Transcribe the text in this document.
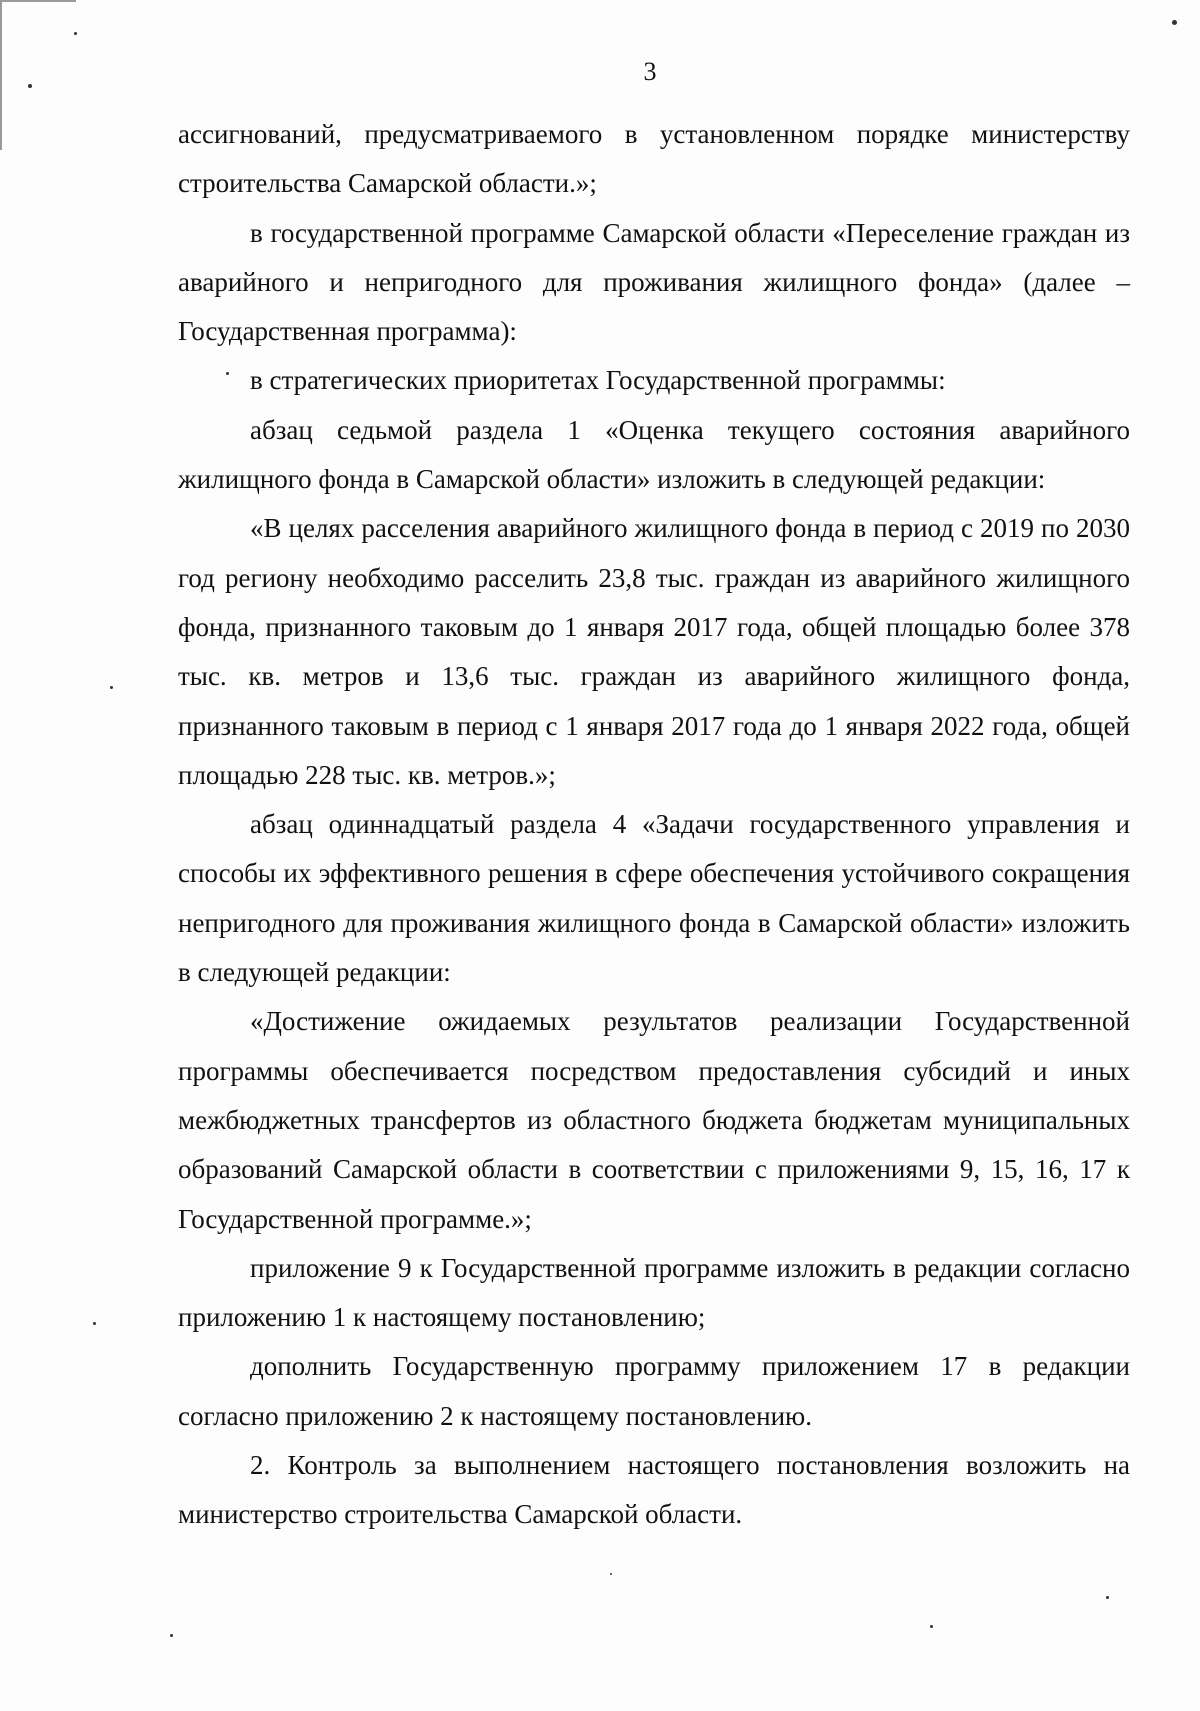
3

ассигнований, предусматриваемого в установленном порядке министерству строительства Самарской области.»;

в государственной программе Самарской области «Переселение граждан из аварийного и непригодного для проживания жилищного фонда» (далее – Государственная программа):

в стратегических приоритетах Государственной программы:

абзац седьмой раздела 1 «Оценка текущего состояния аварийного жилищного фонда в Самарской области» изложить в следующей редакции:

«В целях расселения аварийного жилищного фонда в период с 2019 по 2030 год региону необходимо расселить 23,8 тыс. граждан из аварийного жилищного фонда, признанного таковым до 1 января 2017 года, общей площадью более 378 тыс. кв. метров и 13,6 тыс. граждан из аварийного жилищного фонда, признанного таковым в период с 1 января 2017 года до 1 января 2022 года, общей площадью 228 тыс. кв. метров.»;

абзац одиннадцатый раздела 4 «Задачи государственного управления и способы их эффективного решения в сфере обеспечения устойчивого сокращения непригодного для проживания жилищного фонда в Самарской области» изложить в следующей редакции:

«Достижение ожидаемых результатов реализации Государственной программы обеспечивается посредством предоставления субсидий и иных межбюджетных трансфертов из областного бюджета бюджетам муниципальных образований Самарской области в соответствии с приложениями 9, 15, 16, 17 к Государственной программе.»;

приложение 9 к Государственной программе изложить в редакции согласно приложению 1 к настоящему постановлению;

дополнить Государственную программу приложением 17 в редакции согласно приложению 2 к настоящему постановлению.

2. Контроль за выполнением настоящего постановления возложить на министерство строительства Самарской области.
